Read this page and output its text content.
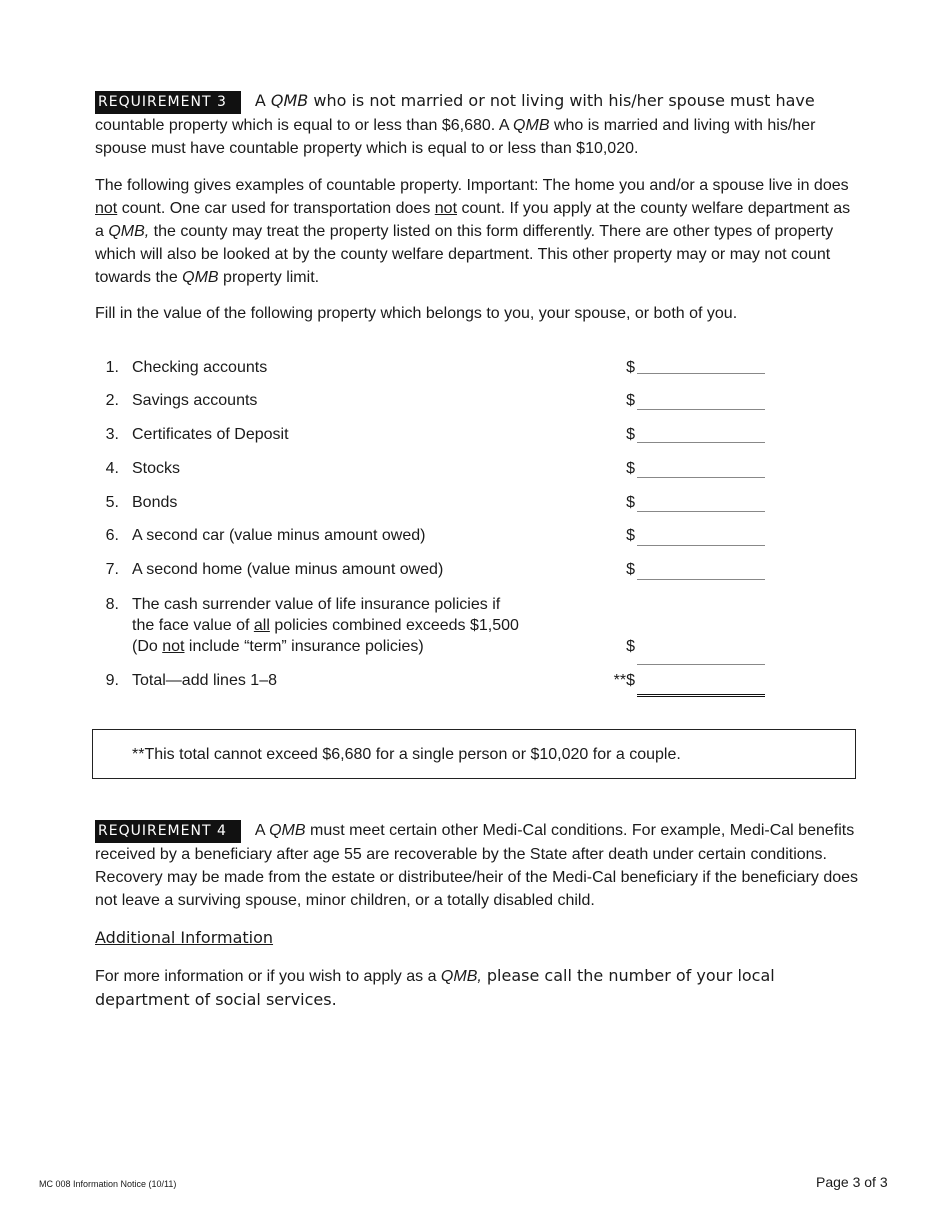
REQUIREMENT 3 A QMB who is not married or not living with his/her spouse must have
countable property which is equal to or less than $6,680. A QMB who is married and living with his/her spouse must have countable property which is equal to or less than $10,020.

The following gives examples of countable property. Important: The home you and/or a spouse live in does not count. One car used for transportation does not count. If you apply at the county welfare department as a QMB, the county may treat the property listed on this form differently. There are other types of property which will also be looked at by the county welfare department. This other property may or may not count towards the QMB property limit.

Fill in the value of the following property which belongs to you, your spouse, or both of you.

1. Checking accounts	$
2. Savings accounts	$
3. Certificates of Deposit	$
4. Stocks	$
5. Bonds	$
6. A second car (value minus amount owed)	$
7. A second home (value minus amount owed)	$
8. The cash surrender value of life insurance policies if
the face value of all policies combined exceeds $1,500
(Do not include “term” insurance policies)	$
9. Total—add lines 1–8	**$
**This total cannot exceed $6,680 for a single person or $10,020 for a couple.

REQUIREMENT 4 A QMB must meet certain other Medi-Cal conditions. For example, Medi-Cal benefits received by a beneficiary after age 55 are recoverable by the State after death under certain conditions. Recovery may be made from the estate or distributee/heir of the Medi-Cal beneficiary if the beneficiary does not leave a surviving spouse, minor children, or a totally disabled child.

Additional Information

For more information or if you wish to apply as a QMB, please call the number of your local department of social services.

MC 008 Information Notice (10/11)	Page 3 of 3
